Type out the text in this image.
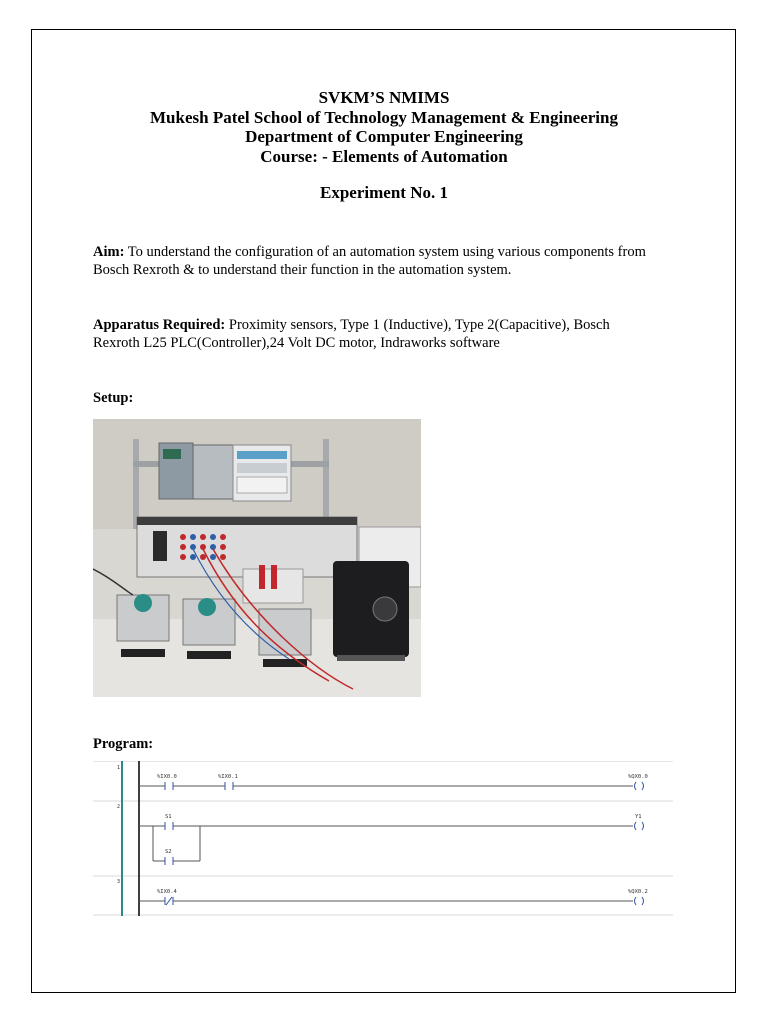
SVKM’S NMIMS
Mukesh Patel School of Technology Management & Engineering
Department of Computer Engineering
Course: - Elements of Automation
Experiment No. 1
Aim: To understand the configuration of an automation system using various components from Bosch Rexroth & to understand their function in the automation system.
Apparatus Required: Proximity sensors, Type 1 (Inductive), Type 2(Capacitive), Bosch Rexroth L25 PLC(Controller),24 Volt DC motor, Indraworks software
Setup:
Program:
1
2
3
%IX0.0	%IX0.1	%QX0.0
S1
S2
Y1
%IX0.4	%QX0.2
